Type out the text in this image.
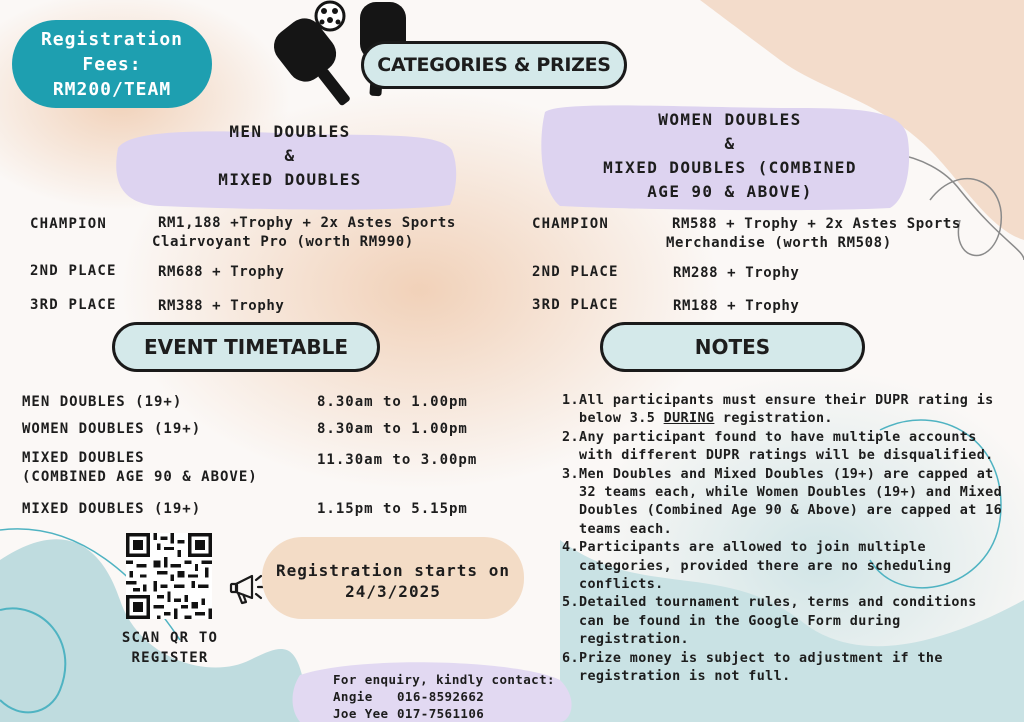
Registration
Fees:
RM200/TEAM
CATEGORIES & PRIZES
MEN DOUBLES
&
MIXED DOUBLES
WOMEN DOUBLES
&
MIXED DOUBLES (COMBINED
AGE 90 & ABOVE)
CHAMPION	RM1,188 +Trophy + 2x Astes Sports
Clairvoyant Pro (worth RM990)
2ND PLACE	RM688 + Trophy
3RD PLACE	RM388 + Trophy
CHAMPION	RM588 + Trophy + 2x Astes Sports
Merchandise (worth RM508)
2ND PLACE	RM288 + Trophy
3RD PLACE	RM188 + Trophy
EVENT TIMETABLE	NOTES
MEN DOUBLES (19+)	8.30am to 1.00pm
WOMEN DOUBLES (19+)	8.30am to 1.00pm
MIXED DOUBLES
(COMBINED AGE 90 & ABOVE)
11.30am to 3.00pm
MIXED DOUBLES (19+)	1.15pm to 5.15pm
1. All participants must ensure their DUPR rating is below 3.5 DURING registration.
2. Any participant found to have multiple accounts with different DUPR ratings will be disqualified.
3. Men Doubles and Mixed Doubles (19+) are capped at 32 teams each, while Women Doubles (19+) and Mixed Doubles (Combined Age 90 & Above) are capped at 16 teams each.
4. Participants are allowed to join multiple categories, provided there are no scheduling conflicts.
5. Detailed tournament rules, terms and conditions can be found in the Google Form during registration.
6. Prize money is subject to adjustment if the registration is not full.
SCAN QR TO
REGISTER
Registration starts on
24/3/2025
For enquiry, kindly contact:
Angie 016-8592662
Joe Yee 017-7561106
